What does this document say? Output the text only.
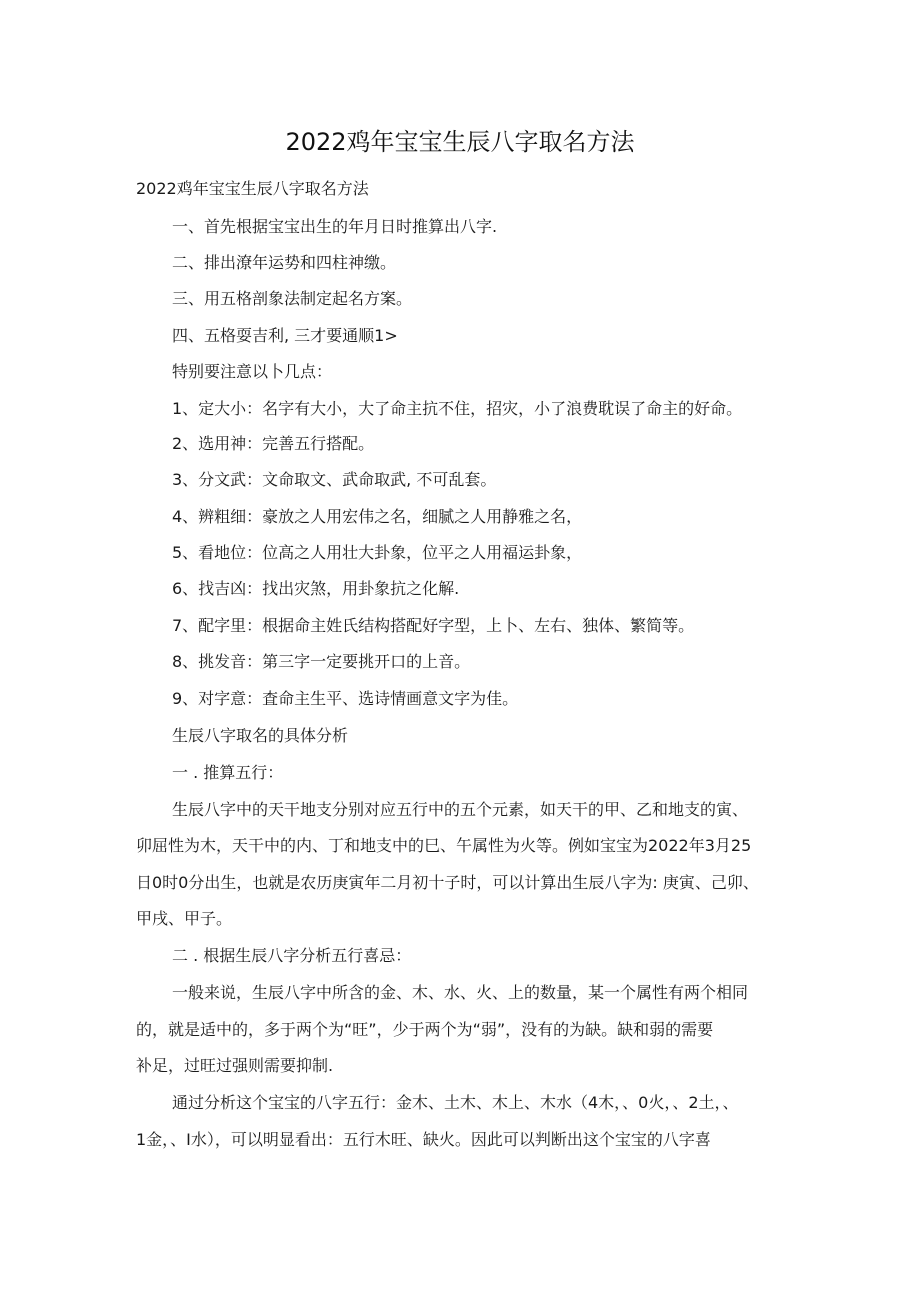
2022鸡年宝宝生辰八字取名方法
2022鸡年宝宝生辰八字取名方法
一、首先根据宝宝出生的年月日时推算出八字.
二、排出潦年运势和四柱神缴。
三、用五格剖象法制定起名方案。
四、五格耍吉利, 三才要通顺1>
特别要注意以卜几点：
1、定大小：名字有大小，大了命主抗不住，招灾，小了浪费耽误了命主的好命。
2、选用神：完善五行搭配。
3、分文武：文命取文、武命取武, 不可乱套。
4、辨粗细：豪放之人用宏伟之名，细腻之人用静雅之名，
5、看地位：位高之人用壮大卦象，位平之人用福运卦象，
6、找吉凶：找出灾煞，用卦象抗之化解.
7、配字里：根据命主姓氏结构搭配好字型，上卜、左右、独体、繁简等。
8、挑发音：第三字一定要挑开口的上音。
9、对字意：査命主生平、选诗情画意文字为佳。
生辰八字取名的具体分析
一 . 推算五行：
生辰八字中的天干地支分别对应五行中的五个元素，如天干的甲、乙和地支的寅、
卯屈性为木，天干中的内、丁和地支中的巳、午属性为火等。例如宝宝为2022年3月25
日0时0分出生，也就是农历庚寅年二月初十子时，可以计算出生辰八字为: 庚寅、己卯、
甲戌、甲子。
二 . 根据生辰八字分析五行喜忌：
一般来说，生辰八字中所含的金、木、水、火、上的数量，某一个属性有两个相同
的，就是适中的，多于两个为“旺”，少于两个为“弱”，没有的为缺。缺和弱的需要
补足，过旺过强则需要抑制.
通过分析这个宝宝的八字五行：金木、土木、木上、木水（4木，、0火，、2土，、
1金，、I水），可以明显看出：五行木旺、缺火。因此可以判断出这个宝宝的八字喜
